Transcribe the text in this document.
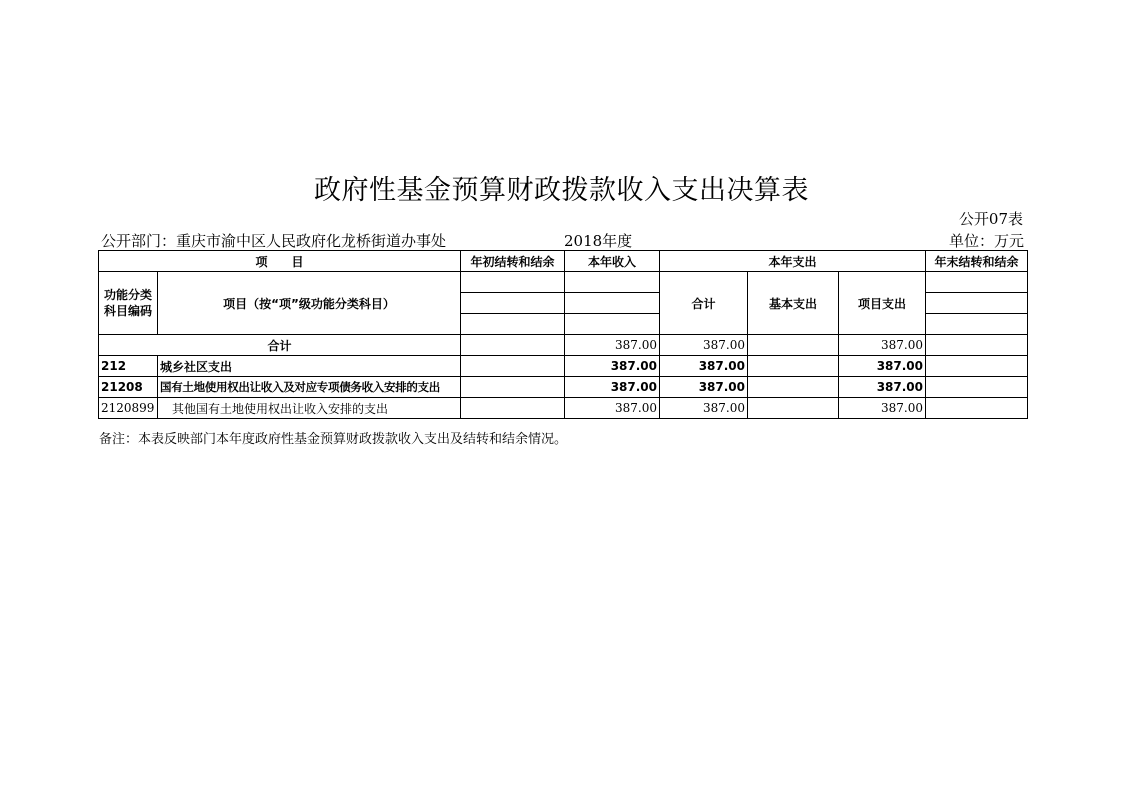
政府性基金预算财政拨款收入支出决算表
公开07表
公开部门：重庆市渝中区人民政府化龙桥街道办事处	2018年度	单位：万元
项　　目		年初结转和结余	本年收入	本年支出			年末结转和结余
功能分类科目编码	项目（按“项”级功能分类科目）			合计	基本支出	项目支出	

合计			387.00	387.00		387.00	
212	城乡社区支出		387.00	387.00		387.00	
21208	国有土地使用权出让收入及对应专项债务收入安排的支出		387.00	387.00		387.00	
2120899	其他国有土地使用权出让收入安排的支出		387.00	387.00		387.00	
备注：本表反映部门本年度政府性基金预算财政拨款收入支出及结转和结余情况。
